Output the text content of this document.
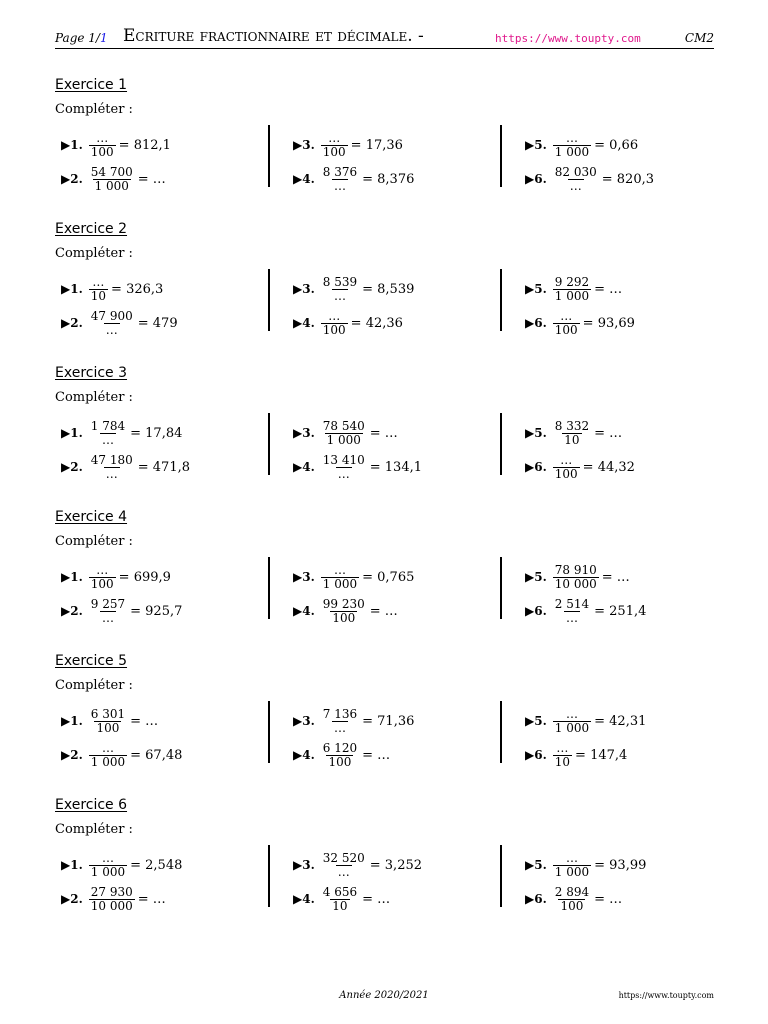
Page 1/1 Ecriture fractionnaire et décimale. -	https://www.toupty.com	CM2
Exercice 1
Compléter :
▶1. $\frac{\dots}{100} = 812,1$
▶2. $\frac{54 700}{1 000}$ = …
▶3. $\frac{\dots}{100} = 17,36$
▶4. $\frac{8 376}{\dots} = 8,376$
▶5. $\frac{\dots}{1 000} = 0,66$
▶6. $\frac{82 030}{\dots} = 820,3$
Exercice 2
Compléter :
▶1. $\frac{\dots}{10} = 326,3$
▶2. $\frac{47 900}{\dots} = 479$
▶3. $\frac{8 539}{\dots} = 8,539$
▶4. $\frac{\dots}{100} = 42,36$
▶5. $\frac{9 292}{1 000}$ = …
▶6. $\frac{\dots}{100} = 93,69$
Exercice 3
Compléter :
▶1. $\frac{1 784}{\dots} = 17,84$
▶2. $\frac{47 180}{\dots} = 471,8$
▶3. $\frac{78 540}{1 000}$ = …
▶4. $\frac{13 410}{\dots} = 134,1$
▶5. $\frac{8 332}{10}$ = …
▶6. $\frac{\dots}{100} = 44,32$
Exercice 4
Compléter :
▶1. $\frac{\dots}{100} = 699,9$
▶2. $\frac{9 257}{\dots} = 925,7$
▶3. $\frac{\dots}{1 000} = 0,765$
▶4. $\frac{99 230}{100}$ = …
▶5. $\frac{78 910}{10 000}$ = …
▶6. $\frac{2 514}{\dots} = 251,4$
Exercice 5
Compléter :
▶1. $\frac{6 301}{100}$ = …
▶2. $\frac{\dots}{1 000} = 67,48$
▶3. $\frac{7 136}{\dots} = 71,36$
▶4. $\frac{6 120}{100}$ = …
▶5. $\frac{\dots}{1 000} = 42,31$
▶6. $\frac{\dots}{10} = 147,4$
Exercice 6
Compléter :
▶1. $\frac{\dots}{1 000} = 2,548$
▶2. $\frac{27 930}{10 000}$ = …
▶3. $\frac{32 520}{\dots} = 3,252$
▶4. $\frac{4 656}{10}$ = …
▶5. $\frac{\dots}{1 000} = 93,99$
▶6. $\frac{2 894}{100}$ = …
Année 2020/2021	https://www.toupty.com
